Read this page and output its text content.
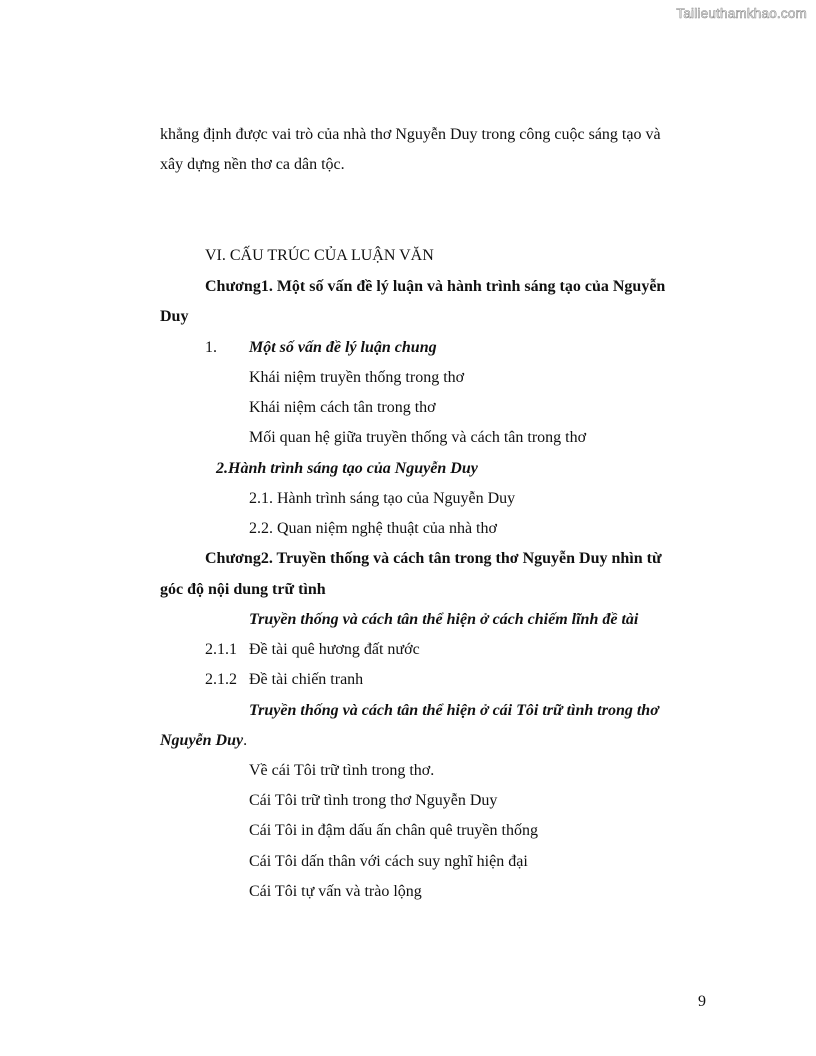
Tailieuthamkhao.com
khẳng định được vai trò của nhà thơ Nguyễn Duy trong công cuộc sáng tạo và
xây dựng nền thơ ca dân tộc.
VI. CẤU TRÚC CỦA LUẬN VĂN
Chương1. Một số vấn đề lý luận và hành trình sáng tạo của Nguyễn
Duy
1. Một số vấn đề lý luận chung
Khái niệm truyền thống trong thơ
Khái niệm cách tân trong thơ
Mối quan hệ giữa truyền thống và cách tân trong thơ
2.Hành trình sáng tạo của Nguyễn Duy
2.1. Hành trình sáng tạo của Nguyễn Duy
2.2. Quan niệm nghệ thuật của nhà thơ
Chương2. Truyền thống và cách tân trong thơ Nguyễn Duy nhìn từ
góc độ nội dung trữ tình
Truyền thống và cách tân thể hiện ở cách chiếm lĩnh đề tài
2.1.1 Đề tài quê hương đất nước
2.1.2 Đề tài chiến tranh
Truyền thống và cách tân thể hiện ở cái Tôi trữ tình trong thơ
Nguyễn Duy.
Về cái Tôi trữ tình trong thơ.
Cái Tôi trữ tình trong thơ Nguyễn Duy
Cái Tôi in đậm dấu ấn chân quê truyền thống
Cái Tôi dấn thân với cách suy nghĩ hiện đại
Cái Tôi tự vấn và trào lộng
9
